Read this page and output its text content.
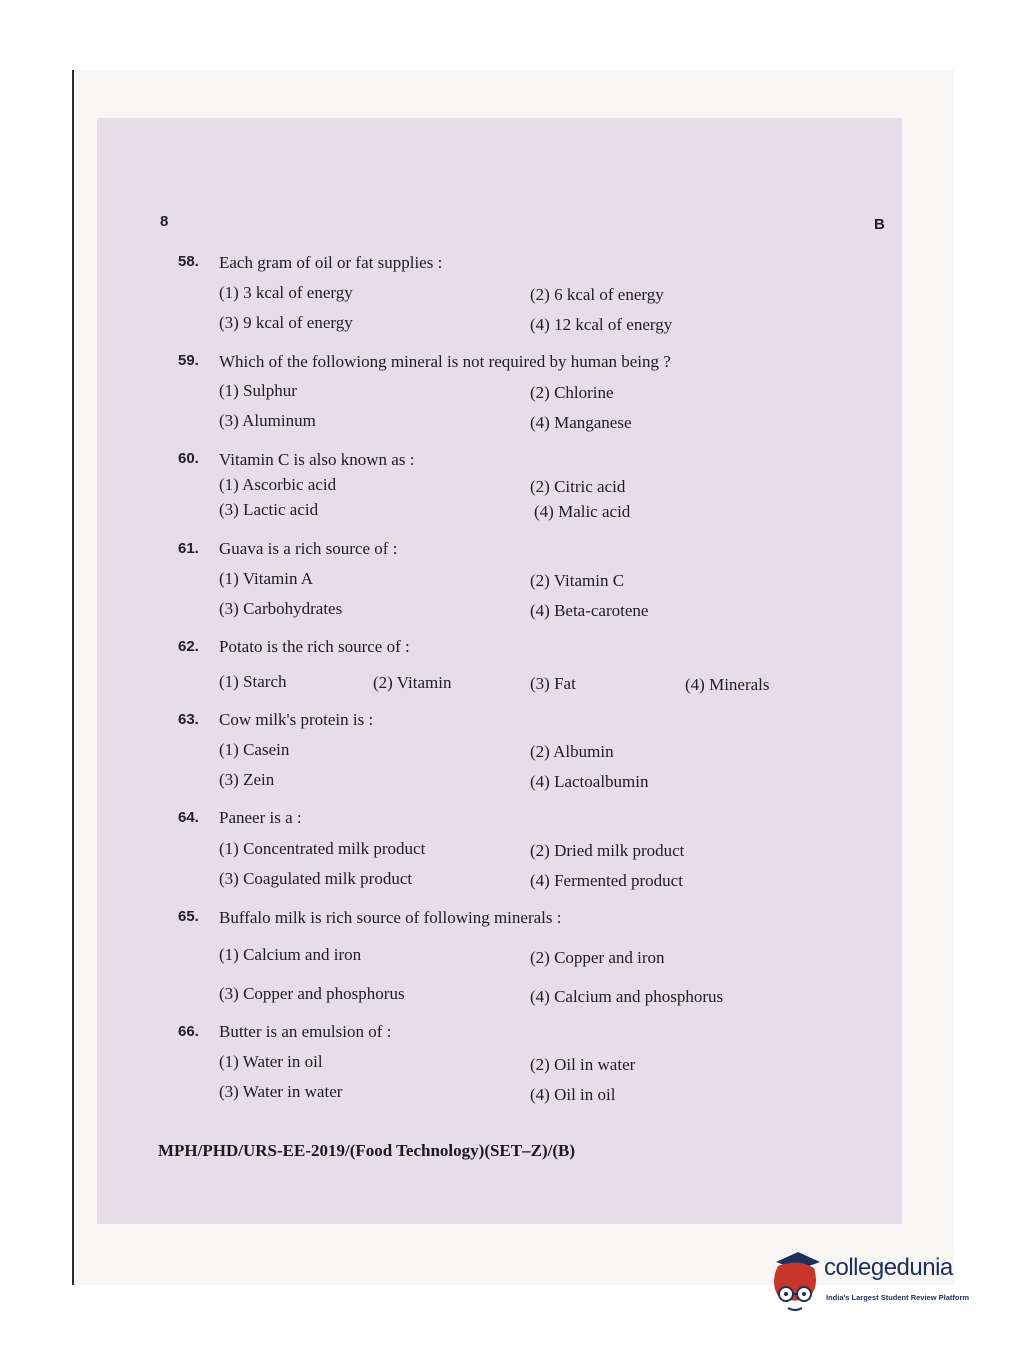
8	B
58. Each gram of oil or fat supplies :
(1) 3 kcal of energy	(2) 6 kcal of energy
(3) 9 kcal of energy	(4) 12 kcal of energy
59. Which of the followiong mineral is not required by human being ?
(1) Sulphur	(2) Chlorine
(3) Aluminum	(4) Manganese
60. Vitamin C is also known as :
(1) Ascorbic acid	(2) Citric acid
(3) Lactic acid	(4) Malic acid
61. Guava is a rich source of :
(1) Vitamin A	(2) Vitamin C
(3) Carbohydrates	(4) Beta-carotene
62. Potato is the rich source of :
(1) Starch	(2) Vitamin	(3) Fat	(4) Minerals
63. Cow milk's protein is :
(1) Casein	(2) Albumin
(3) Zein	(4) Lactoalbumin
64. Paneer is a :
(1) Concentrated milk product	(2) Dried milk product
(3) Coagulated milk product	(4) Fermented product
65. Buffalo milk is rich source of following minerals :
(1) Calcium and iron	(2) Copper and iron
(3) Copper and phosphorus	(4) Calcium and phosphorus
66. Butter is an emulsion of :
(1) Water in oil	(2) Oil in water
(3) Water in water	(4) Oil in oil
MPH/PHD/URS-EE-2019/(Food Technology)(SET–Z)/(B)
collegedunia
India's Largest Student Review Platform
